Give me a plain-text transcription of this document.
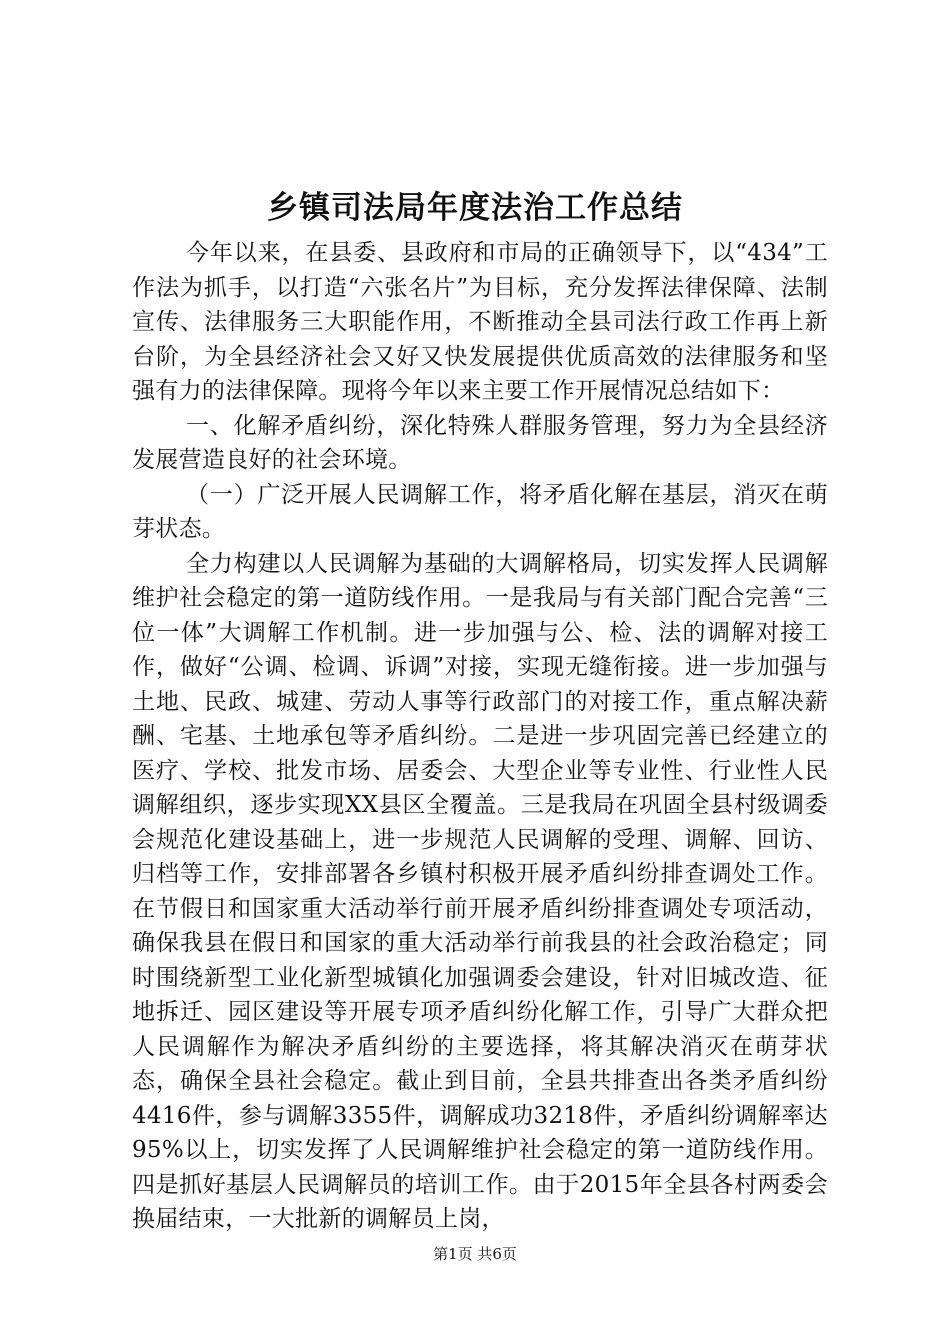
乡镇司法局年度法治工作总结

今年以来，在县委、县政府和市局的正确领导下，以“434”工作法为抓手，以打造“六张名片”为目标，充分发挥法律保障、法制宣传、法律服务三大职能作用，不断推动全县司法行政工作再上新台阶，为全县经济社会又好又快发展提供优质高效的法律服务和坚强有力的法律保障。现将今年以来主要工作开展情况总结如下：

一、化解矛盾纠纷，深化特殊人群服务管理，努力为全县经济发展营造良好的社会环境。

（一）广泛开展人民调解工作，将矛盾化解在基层，消灭在萌芽状态。

全力构建以人民调解为基础的大调解格局，切实发挥人民调解维护社会稳定的第一道防线作用。一是我局与有关部门配合完善“三位一体”大调解工作机制。进一步加强与公、检、法的调解对接工作，做好“公调、检调、诉调”对接，实现无缝衔接。进一步加强与土地、民政、城建、劳动人事等行政部门的对接工作，重点解决薪酬、宅基、土地承包等矛盾纠纷。二是进一步巩固完善已经建立的医疗、学校、批发市场、居委会、大型企业等专业性、行业性人民调解组织，逐步实现XX县区全覆盖。三是我局在巩固全县村级调委会规范化建设基础上，进一步规范人民调解的受理、调解、回访、归档等工作，安排部署各乡镇村积极开展矛盾纠纷排查调处工作。在节假日和国家重大活动举行前开展矛盾纠纷排查调处专项活动，确保我县在假日和国家的重大活动举行前我县的社会政治稳定；同时围绕新型工业化新型城镇化加强调委会建设，针对旧城改造、征地拆迁、园区建设等开展专项矛盾纠纷化解工作，引导广大群众把人民调解作为解决矛盾纠纷的主要选择，将其解决消灭在萌芽状态，确保全县社会稳定。截止到目前，全县共排查出各类矛盾纠纷4416件，参与调解3355件，调解成功3218件，矛盾纠纷调解率达95%以上，切实发挥了人民调解维护社会稳定的第一道防线作用。四是抓好基层人民调解员的培训工作。由于2015年全县各村两委会换届结束，一大批新的调解员上岗，

第1页 共6页
